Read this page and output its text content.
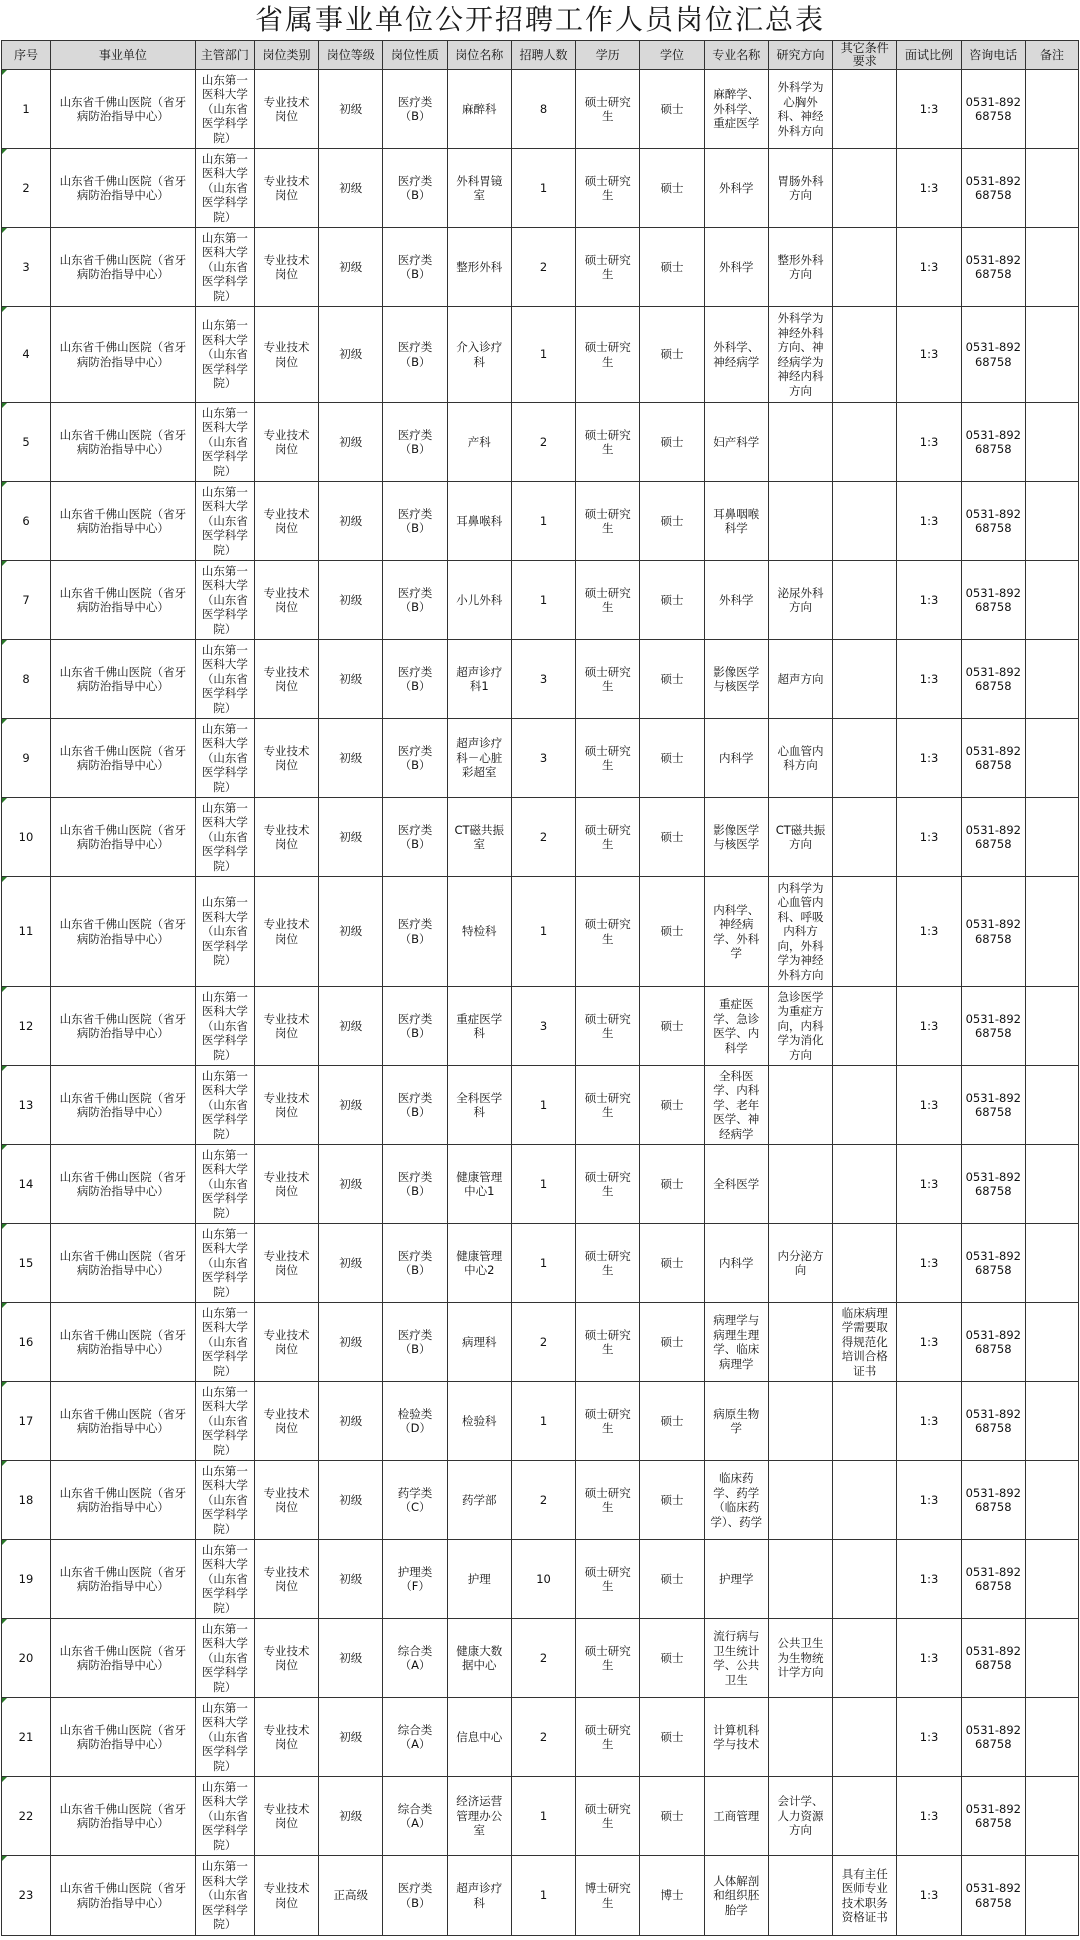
省属事业单位公开招聘工作人员岗位汇总表
序号	事业单位	主管部门	岗位类别	岗位等级	岗位性质	岗位名称	招聘人数	学历	学位	专业名称	研究方向	其它条件要求	面试比例	咨询电话	备注
1	山东省千佛山医院（省牙病防治指导中心）	山东第一医科大学（山东省医学科学院）	专业技术岗位	初级	医疗类（B）	麻醉科	8	硕士研究生	硕士	麻醉学、外科学、重症医学	外科学为心胸外科、神经外科方向		1:3	0531-89268758	
2	山东省千佛山医院（省牙病防治指导中心）	山东第一医科大学（山东省医学科学院）	专业技术岗位	初级	医疗类（B）	外科胃镜室	1	硕士研究生	硕士	外科学	胃肠外科方向		1:3	0531-89268758	
3	山东省千佛山医院（省牙病防治指导中心）	山东第一医科大学（山东省医学科学院）	专业技术岗位	初级	医疗类（B）	整形外科	2	硕士研究生	硕士	外科学	整形外科方向		1:3	0531-89268758	
4	山东省千佛山医院（省牙病防治指导中心）	山东第一医科大学（山东省医学科学院）	专业技术岗位	初级	医疗类（B）	介入诊疗科	1	硕士研究生	硕士	外科学、神经病学	外科学为神经外科方向、神经病学为神经内科方向		1:3	0531-89268758	
5	山东省千佛山医院（省牙病防治指导中心）	山东第一医科大学（山东省医学科学院）	专业技术岗位	初级	医疗类（B）	产科	2	硕士研究生	硕士	妇产科学			1:3	0531-89268758	
6	山东省千佛山医院（省牙病防治指导中心）	山东第一医科大学（山东省医学科学院）	专业技术岗位	初级	医疗类（B）	耳鼻喉科	1	硕士研究生	硕士	耳鼻咽喉科学			1:3	0531-89268758	
7	山东省千佛山医院（省牙病防治指导中心）	山东第一医科大学（山东省医学科学院）	专业技术岗位	初级	医疗类（B）	小儿外科	1	硕士研究生	硕士	外科学	泌尿外科方向		1:3	0531-89268758	
8	山东省千佛山医院（省牙病防治指导中心）	山东第一医科大学（山东省医学科学院）	专业技术岗位	初级	医疗类（B）	超声诊疗科1	3	硕士研究生	硕士	影像医学与核医学	超声方向		1:3	0531-89268758	
9	山东省千佛山医院（省牙病防治指导中心）	山东第一医科大学（山东省医学科学院）	专业技术岗位	初级	医疗类（B）	超声诊疗科－心脏彩超室	3	硕士研究生	硕士	内科学	心血管内科方向		1:3	0531-89268758	
10	山东省千佛山医院（省牙病防治指导中心）	山东第一医科大学（山东省医学科学院）	专业技术岗位	初级	医疗类（B）	CT磁共振室	2	硕士研究生	硕士	影像医学与核医学	CT磁共振方向		1:3	0531-89268758	
11	山东省千佛山医院（省牙病防治指导中心）	山东第一医科大学（山东省医学科学院）	专业技术岗位	初级	医疗类（B）	特检科	1	硕士研究生	硕士	内科学、神经病学、外科学	内科学为心血管内科、呼吸内科方向，外科学为神经外科方向		1:3	0531-89268758	
12	山东省千佛山医院（省牙病防治指导中心）	山东第一医科大学（山东省医学科学院）	专业技术岗位	初级	医疗类（B）	重症医学科	3	硕士研究生	硕士	重症医学、急诊医学、内科学	急诊医学为重症方向，内科学为消化方向		1:3	0531-89268758	
13	山东省千佛山医院（省牙病防治指导中心）	山东第一医科大学（山东省医学科学院）	专业技术岗位	初级	医疗类（B）	全科医学科	1	硕士研究生	硕士	全科医学、内科学、老年医学、神经病学			1:3	0531-89268758	
14	山东省千佛山医院（省牙病防治指导中心）	山东第一医科大学（山东省医学科学院）	专业技术岗位	初级	医疗类（B）	健康管理中心1	1	硕士研究生	硕士	全科医学			1:3	0531-89268758	
15	山东省千佛山医院（省牙病防治指导中心）	山东第一医科大学（山东省医学科学院）	专业技术岗位	初级	医疗类（B）	健康管理中心2	1	硕士研究生	硕士	内科学	内分泌方向		1:3	0531-89268758	
16	山东省千佛山医院（省牙病防治指导中心）	山东第一医科大学（山东省医学科学院）	专业技术岗位	初级	医疗类（B）	病理科	2	硕士研究生	硕士	病理学与病理生理学、临床病理学		临床病理学需要取得规范化培训合格证书	1:3	0531-89268758	
17	山东省千佛山医院（省牙病防治指导中心）	山东第一医科大学（山东省医学科学院）	专业技术岗位	初级	检验类（D）	检验科	1	硕士研究生	硕士	病原生物学			1:3	0531-89268758	
18	山东省千佛山医院（省牙病防治指导中心）	山东第一医科大学（山东省医学科学院）	专业技术岗位	初级	药学类（C）	药学部	2	硕士研究生	硕士	临床药学、药学（临床药学）、药学			1:3	0531-89268758	
19	山东省千佛山医院（省牙病防治指导中心）	山东第一医科大学（山东省医学科学院）	专业技术岗位	初级	护理类（F）	护理	10	硕士研究生	硕士	护理学			1:3	0531-89268758	
20	山东省千佛山医院（省牙病防治指导中心）	山东第一医科大学（山东省医学科学院）	专业技术岗位	初级	综合类（A）	健康大数据中心	2	硕士研究生	硕士	流行病与卫生统计学、公共卫生	公共卫生为生物统计学方向		1:3	0531-89268758	
21	山东省千佛山医院（省牙病防治指导中心）	山东第一医科大学（山东省医学科学院）	专业技术岗位	初级	综合类（A）	信息中心	2	硕士研究生	硕士	计算机科学与技术			1:3	0531-89268758	
22	山东省千佛山医院（省牙病防治指导中心）	山东第一医科大学（山东省医学科学院）	专业技术岗位	初级	综合类（A）	经济运营管理办公室	1	硕士研究生	硕士	工商管理	会计学、人力资源方向		1:3	0531-89268758	
23	山东省千佛山医院（省牙病防治指导中心）	山东第一医科大学（山东省医学科学院）	专业技术岗位	正高级	医疗类（B）	超声诊疗科	1	博士研究生	博士	人体解剖和组织胚胎学		具有主任医师专业技术职务资格证书	1:3	0531-89268758	
